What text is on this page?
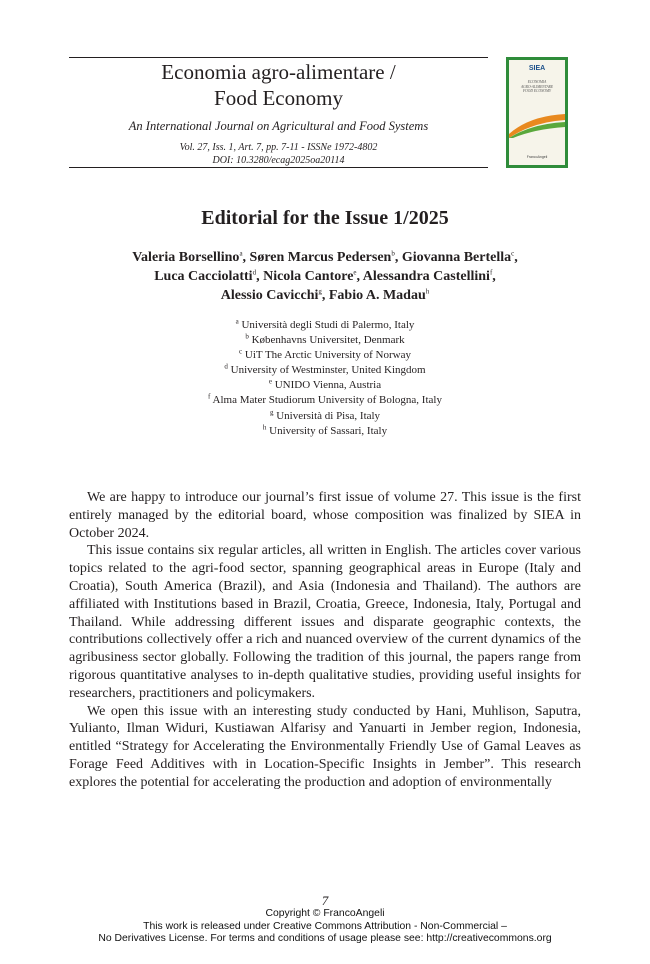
Economia agro-alimentare /
Food Economy
An International Journal on Agricultural and Food Systems
Vol. 27, Iss. 1, Art. 7, pp. 7-11 - ISSNe 1972-4802
DOI: 10.3280/ecag2025oa20114
SIEA
ECONOMIA
AGRO-ALIMENTARE
FOOD ECONOMY
FrancoAngeli
Editorial for the Issue 1/2025
Valeria Borsellino$^a$, Søren Marcus Pedersen$^b$, Giovanna Bertella$^c$,
Luca Cacciolatti$^d$, Nicola Cantore$^e$, Alessandra Castellini$^f$,
Alessio Cavicchi$^g$, Fabio A. Madau$^h$
$^a$ Università degli Studi di Palermo, Italy
$^b$ Københavns Universitet, Denmark
$^c$ UiT The Arctic University of Norway
$^d$ University of Westminster, United Kingdom
$^e$ UNIDO Vienna, Austria
$^f$ Alma Mater Studiorum University of Bologna, Italy
$^g$ Università di Pisa, Italy
$^h$ University of Sassari, Italy

We are happy to introduce our journal’s first issue of volume 27. This issue is the first entirely managed by the editorial board, whose composition was finalized by SIEA in October 2024.

This issue contains six regular articles, all written in English. The articles cover various topics related to the agri-food sector, spanning geographical areas in Europe (Italy and Croatia), South America (Brazil), and Asia (Indonesia and Thailand). The authors are affiliated with Institutions based in Brazil, Croatia, Greece, Indonesia, Italy, Portugal and Thailand. While addressing different issues and disparate geographic contexts, the contributions collectively offer a rich and nuanced overview of the current dynamics of the agribusiness sector globally. Following the tradition of this journal, the papers range from rigorous quantitative analyses to in-depth qualitative studies, providing useful insights for researchers, practitioners and policymakers.

We open this issue with an interesting study conducted by Hani, Muhlison, Saputra, Yulianto, Ilman Widuri, Kustiawan Alfarisy and Yanuarti in Jember region, Indonesia, entitled “Strategy for Accelerating the Environmentally Friendly Use of Gamal Leaves as Forage Feed Additives with in Location-Specific Insights in Jember”. This research explores the potential for accelerating the production and adoption of environmentally

7
Copyright © FrancoAngeli
This work is released under Creative Commons Attribution - Non-Commercial –
No Derivatives License. For terms and conditions of usage please see: http://creativecommons.org
